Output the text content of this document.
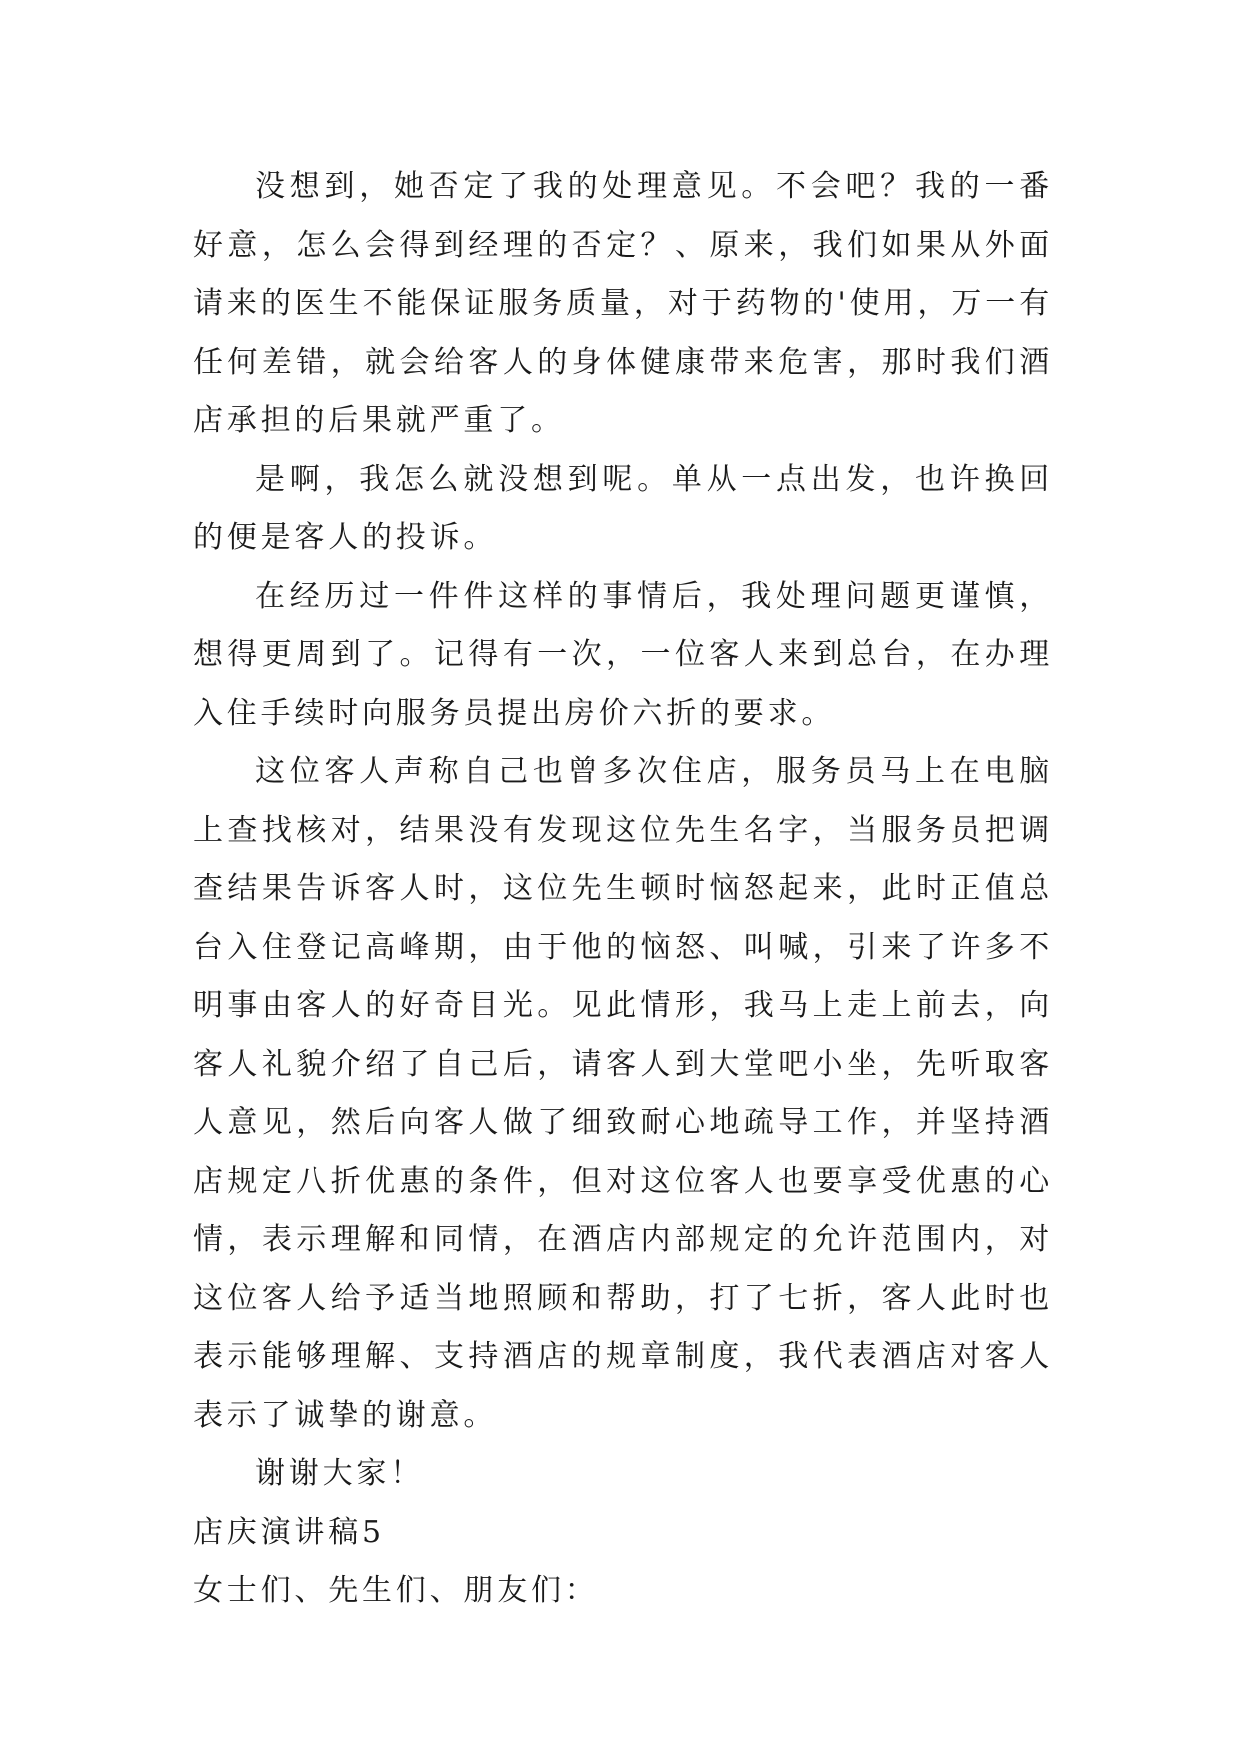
没想到，她否定了我的处理意见。不会吧？我的一番好意，怎么会得到经理的否定？、原来，我们如果从外面请来的医生不能保证服务质量，对于药物的'使用，万一有任何差错，就会给客人的身体健康带来危害，那时我们酒店承担的后果就严重了。

是啊，我怎么就没想到呢。单从一点出发，也许换回的便是客人的投诉。

在经历过一件件这样的事情后，我处理问题更谨慎，想得更周到了。记得有一次，一位客人来到总台，在办理入住手续时向服务员提出房价六折的要求。

这位客人声称自己也曾多次住店，服务员马上在电脑上查找核对，结果没有发现这位先生名字，当服务员把调查结果告诉客人时，这位先生顿时恼怒起来，此时正值总台入住登记高峰期，由于他的恼怒、叫喊，引来了许多不明事由客人的好奇目光。见此情形，我马上走上前去，向客人礼貌介绍了自己后，请客人到大堂吧小坐，先听取客人意见，然后向客人做了细致耐心地疏导工作，并坚持酒店规定八折优惠的条件，但对这位客人也要享受优惠的心情，表示理解和同情，在酒店内部规定的允许范围内，对这位客人给予适当地照顾和帮助，打了七折，客人此时也表示能够理解、支持酒店的规章制度，我代表酒店对客人表示了诚挚的谢意。

谢谢大家！

店庆演讲稿5

女士们、先生们、朋友们：
